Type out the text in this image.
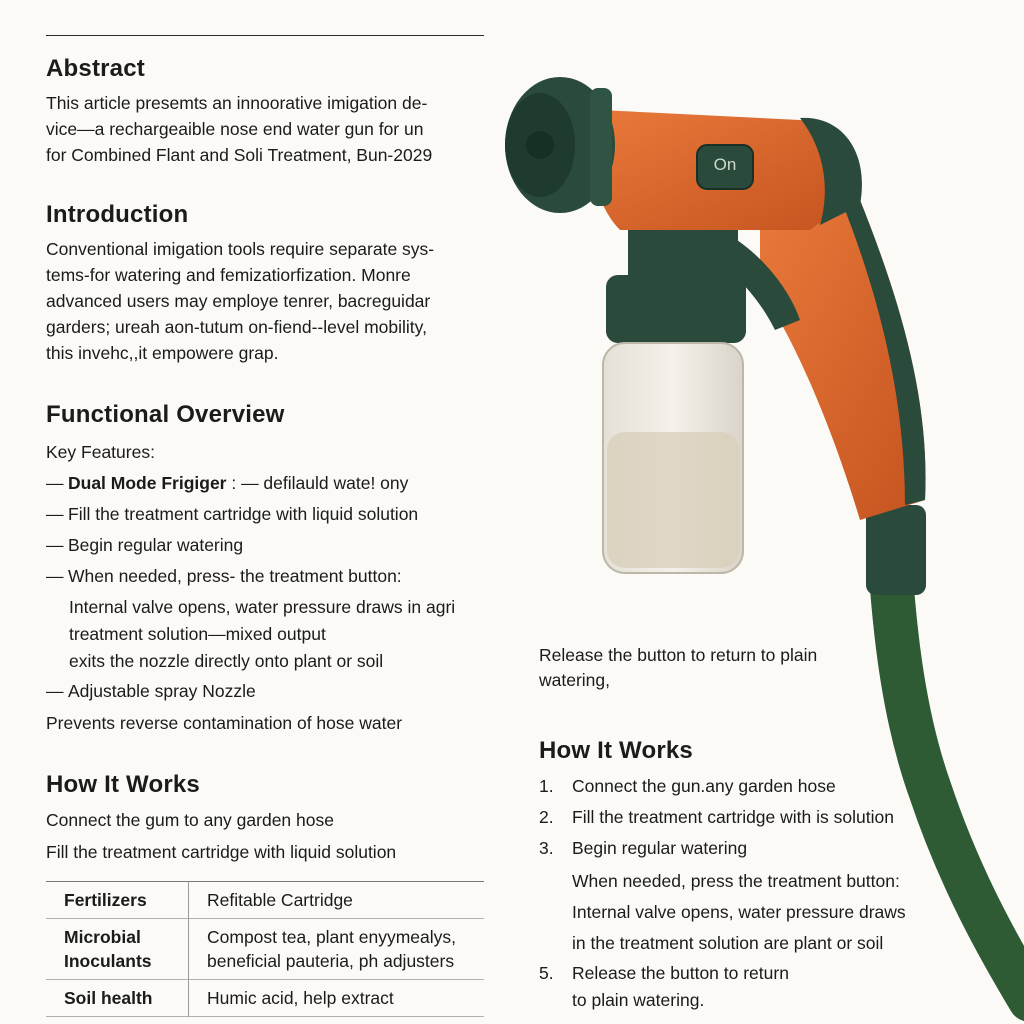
On
Abstract

This article presemts an innoorative imigation de-
vice—a rechargeaible nose end water gun for un
for Combined Flant and Soli Treatment, Bun-2029

Introduction

Conventional imigation tools require separate sys-
tems-for watering and femizatiorfization. Monre
advanced users may employe tenrer, bacreguidar
garders; ureah aon-tutum on-fiend--level mobility,
this invehc,,it empowere grap.

Functional Overview
Key Features:
— Dual Mode Frigiger : — defilauld wate! ony
— Fill the treatment cartridge with liquid solution
— Begin regular watering
— When needed, press- the treatment button:
Internal valve opens, water pressure draws in agri
treatment solution—mixed output
exits the nozzle directly onto plant or soil
— Adjustable spray Nozzle
Prevents reverse contamination of hose water
How It Works
Connect the gum to any garden hose
Fill the treatment cartridge with liquid solution
Fertilizers	Refitable Cartridge
Microbial Inoculants	Compost tea, plant enyymealys,
beneficial pauteria, ph adjusters
Soil health	Humic acid, help extract
Release the button to return to plain
watering,
How It Works
1. Connect the gun.any garden hose
2. Fill the treatment cartridge with is solution
3. Begin regular watering
When needed, press the treatment button:
Internal valve opens, water pressure draws
in the treatment solution are plant or soil
5. Release the button to return
to plain watering.
